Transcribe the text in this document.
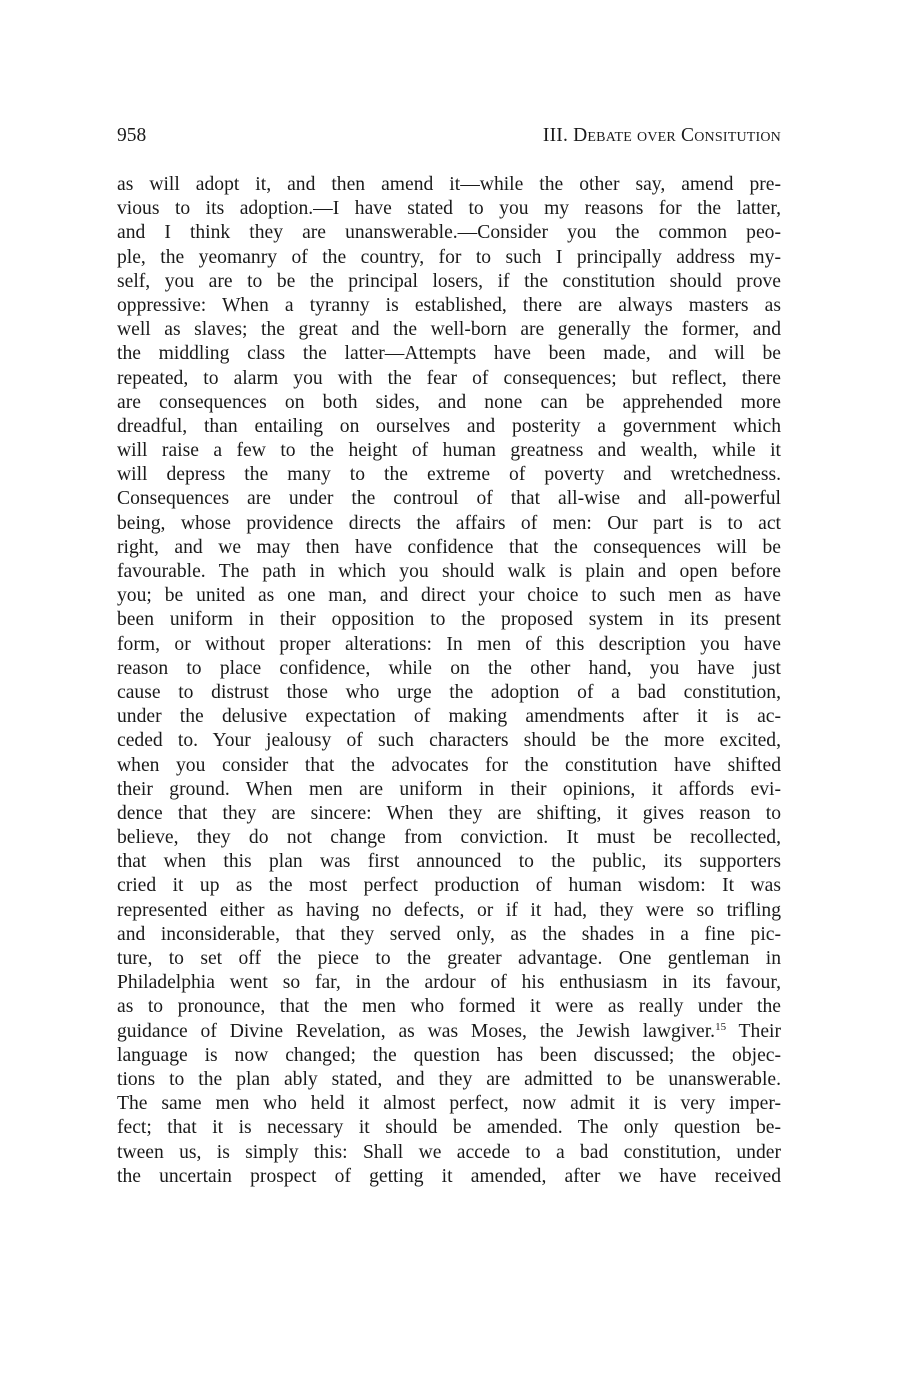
958	III. Debate over Consitution
as will adopt it, and then amend it—while the other say, amend pre-
vious to its adoption.—I have stated to you my reasons for the latter,
and I think they are unanswerable.—Consider you the common peo-
ple, the yeomanry of the country, for to such I principally address my-
self, you are to be the principal losers, if the constitution should prove
oppressive: When a tyranny is established, there are always masters as
well as slaves; the great and the well-born are generally the former, and
the middling class the latter—Attempts have been made, and will be
repeated, to alarm you with the fear of consequences; but reflect, there
are consequences on both sides, and none can be apprehended more
dreadful, than entailing on ourselves and posterity a government which
will raise a few to the height of human greatness and wealth, while it
will depress the many to the extreme of poverty and wretchedness.
Consequences are under the controul of that all-wise and all-powerful
being, whose providence directs the affairs of men: Our part is to act
right, and we may then have confidence that the consequences will be
favourable. The path in which you should walk is plain and open before
you; be united as one man, and direct your choice to such men as have
been uniform in their opposition to the proposed system in its present
form, or without proper alterations: In men of this description you have
reason to place confidence, while on the other hand, you have just
cause to distrust those who urge the adoption of a bad constitution,
under the delusive expectation of making amendments after it is ac-
ceded to. Your jealousy of such characters should be the more excited,
when you consider that the advocates for the constitution have shifted
their ground. When men are uniform in their opinions, it affords evi-
dence that they are sincere: When they are shifting, it gives reason to
believe, they do not change from conviction. It must be recollected,
that when this plan was first announced to the public, its supporters
cried it up as the most perfect production of human wisdom: It was
represented either as having no defects, or if it had, they were so trifling
and inconsiderable, that they served only, as the shades in a fine pic-
ture, to set off the piece to the greater advantage. One gentleman in
Philadelphia went so far, in the ardour of his enthusiasm in its favour,
as to pronounce, that the men who formed it were as really under the
guidance of Divine Revelation, as was Moses, the Jewish lawgiver.$^{15}$ Their
language is now changed; the question has been discussed; the objec-
tions to the plan ably stated, and they are admitted to be unanswerable.
The same men who held it almost perfect, now admit it is very imper-
fect; that it is necessary it should be amended. The only question be-
tween us, is simply this: Shall we accede to a bad constitution, under
the uncertain prospect of getting it amended, after we have received
